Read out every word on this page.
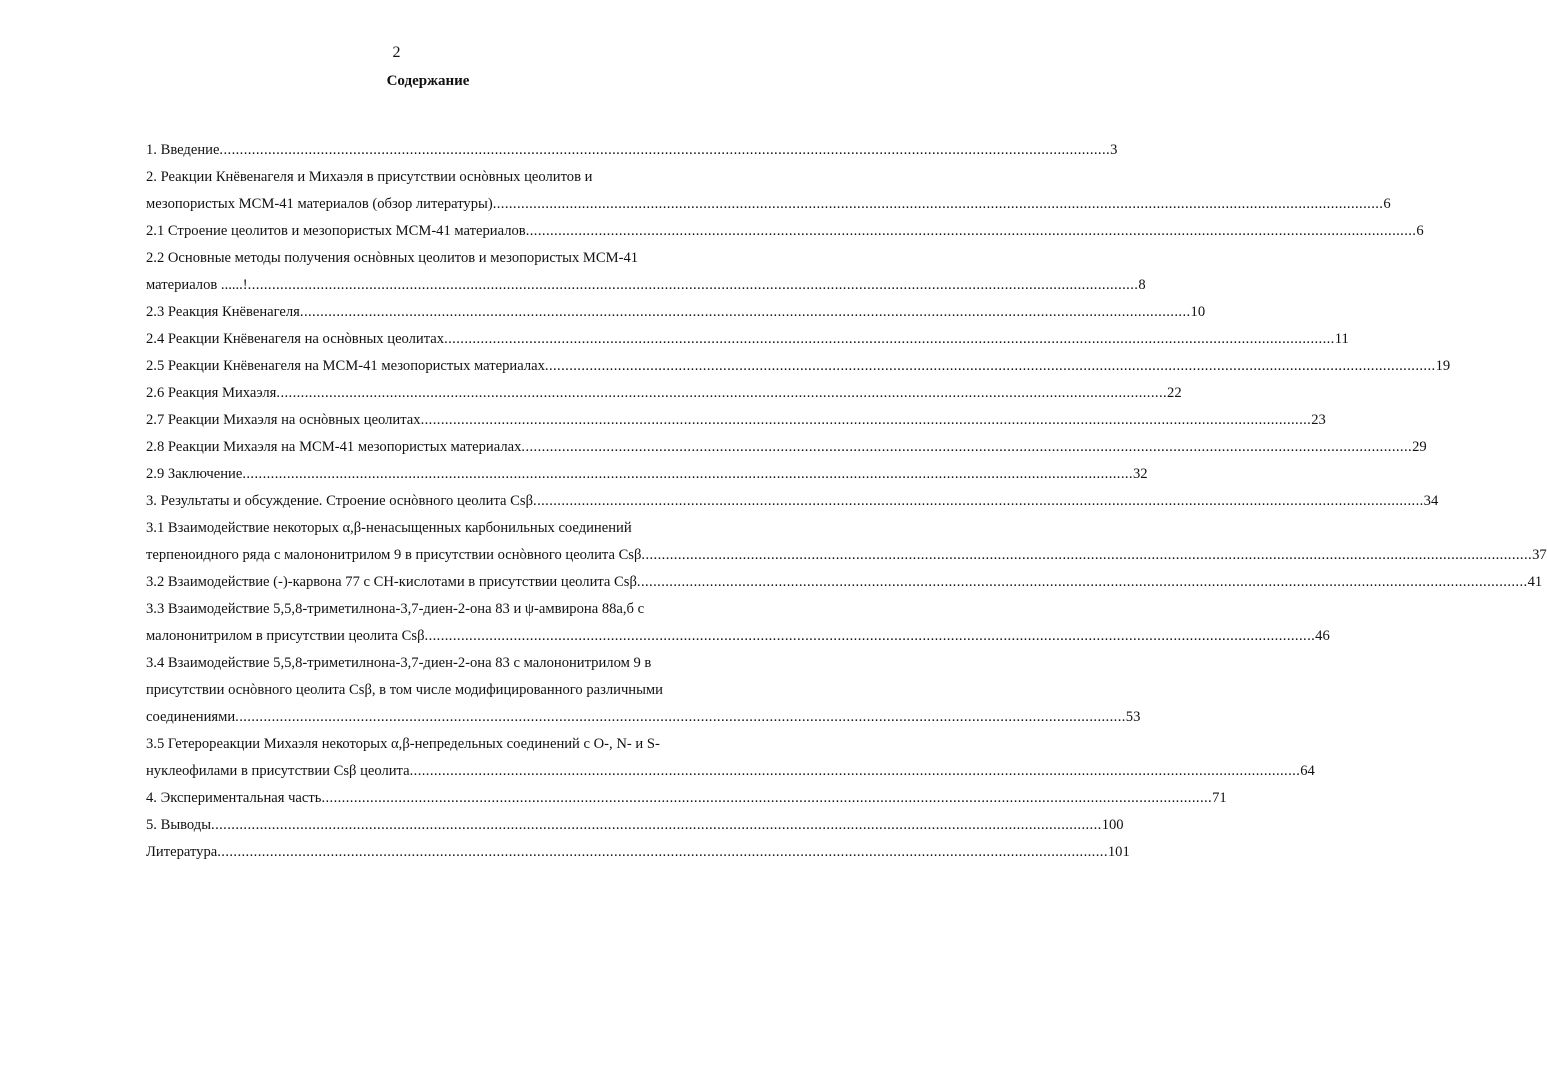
2
Содержание
1. Введение ............................................................................................................................................................................................................................ 3
2. Реакции Кнёвенагеля и Михаэля в присутствии оснòвных цеолитов и
мезопористых MCM-41 материалов (обзор литературы) ............................................................................................................................................................................................................................ 6
2.1 Строение цеолитов и мезопористых MCM-41 материалов ............................................................................................................................................................................................................................ 6
2.2 Основные методы получения оснòвных цеолитов и мезопористых MCM-41
материалов ......! ............................................................................................................................................................................................................................ 8
2.3 Реакция Кнёвенагеля ............................................................................................................................................................................................................................ 10
2.4 Реакции Кнёвенагеля на оснòвных цеолитах ............................................................................................................................................................................................................................ 11
2.5 Реакции Кнёвенагеля на MCM-41 мезопористых материалах ............................................................................................................................................................................................................................ 19
2.6 Реакция Михаэля ............................................................................................................................................................................................................................ 22
2.7 Реакции Михаэля на оснòвных цеолитах ............................................................................................................................................................................................................................ 23
2.8 Реакции Михаэля на MCM-41 мезопористых материалах ............................................................................................................................................................................................................................ 29
2.9 Заключение ............................................................................................................................................................................................................................ 32
3. Результаты и обсуждение. Строение оснòвного цеолита Csβ ............................................................................................................................................................................................................................ 34
3.1 Взаимодействие некоторых α,β-ненасыщенных карбонильных соединений
терпеноидного ряда с малононитрилом 9 в присутствии оснòвного цеолита Csβ ............................................................................................................................................................................................................................ 37
3.2 Взаимодействие (-)-карвона 77 с CH-кислотами в присутствии цеолита Csβ ............................................................................................................................................................................................................................ 41
3.3 Взаимодействие 5,5,8-триметилнона-3,7-диен-2-она 83 и ψ-амвирона 88а,б с
малононитрилом в присутствии цеолита Csβ ............................................................................................................................................................................................................................ 46
3.4 Взаимодействие 5,5,8-триметилнона-3,7-диен-2-она 83 с малононитрилом 9 в
присутствии оснòвного цеолита Csβ, в том числе модифицированного различными
соединениями ............................................................................................................................................................................................................................ 53
3.5 Гетерореакции Михаэля некоторых α,β-непредельных соединений с O-, N- и S-
нуклеофилами в присутствии Csβ цеолита ............................................................................................................................................................................................................................ 64
4. Экспериментальная часть ............................................................................................................................................................................................................................ 71
5. Выводы ............................................................................................................................................................................................................................ 100
Литература ............................................................................................................................................................................................................................ 101
